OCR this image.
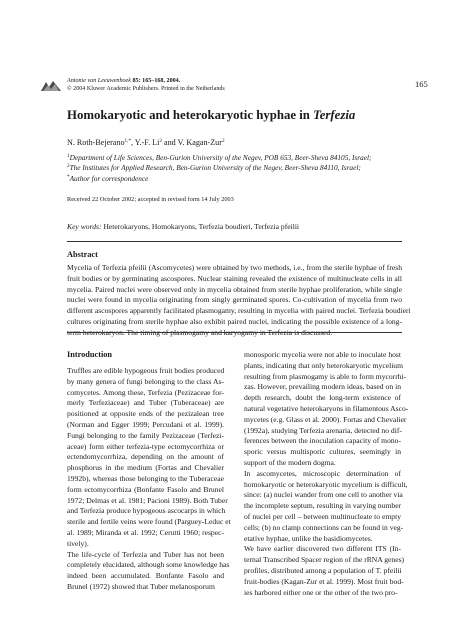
Antonie van Leeuwenhoek 85: 165–168, 2004.
© 2004 Kluwer Academic Publishers. Printed in the Netherlands	165
Homokaryotic and heterokaryotic hyphae in Terfezia
N. Roth-Bejerano$^{1,*}$, Y.-F. Li$^2$ and V. Kagan-Zur$^2$

$^1$Department of Life Sciences, Ben-Gurion University of the Negev, POB 653, Beer-Sheva 84105, Israel;

$^2$The Institutes for Applied Research, Ben-Gurion University of the Negev, Beer-Sheva 84110, Israel;

*Author for correspondence

Received 22 October 2002; accepted in revised form 14 July 2003
Key words: Heterokaryons, Homokaryons, Terfezia boudieri, Terfezia pfeilii
Abstract
Mycelia of Terfezia pfeilii (Ascomycetes) were obtained by two methods, i.e., from the sterile hyphae of fresh
fruit bodies or by germinating ascospores. Nuclear staining revealed the existence of multinucleate cells in all
mycelia. Paired nuclei were observed only in mycelia obtained from sterile hyphae proliferation, while single
nuclei were found in mycelia originating from singly germinated spores. Co-cultivation of mycelia from two
different ascospores apparently facilitated plasmogamy, resulting in mycelia with paired nuclei. Terfezia boudieri
cultures originating from sterile hyphae also exhibit paired nuclei, indicating the possible existence of a long-
term heterokaryon. The timing of plasmogamy and karyogamy in Terfezia is discussed.
Introduction
Truffles are edible hypogeous fruit bodies produced
by many genera of fungi belonging to the class As-
comycetes. Among these, Terfezia (Pezizaceae for-
merly Terfeziaceae) and Tuber (Tuberaceae) are
positioned at opposite ends of the pezizalean tree
(Norman and Egger 1999; Percudani et al. 1999).
Fungi belonging to the family Pezizaceae (Terfezi-
aceae) form either terfezia-type ectomycorrhiza or
ectendomycorrhiza, depending on the amount of
phosphorus in the medium (Fortas and Chevalier
1992b), whereas those belonging to the Tuberaceae
form ectomycorrhiza (Bonfante Fasolo and Brunel
1972; Delmas et al. 1981; Pacioni 1989). Both Tuber
and Terfezia produce hypogeous ascocarps in which
sterile and fertile veins were found (Parguey-Leduc et
al. 1989; Miranda et al. 1992; Cerutti 1960; respec-
tively).
The life-cycle of Terfezia and Tuber has not been
completely elucidated, although some knowledge has
indeed been accumulated. Bonfante Fasolo and
Brunel (1972) showed that Tuber melanosporum
monosporic mycelia were not able to inoculate host
plants, indicating that only heterokaryotic mycelium
resulting from plasmogamy is able to form mycorrhi-
zas. However, prevailing modern ideas, based on in
depth research, doubt the long-term existence of
natural vegetative heterokaryons in filamentous Asco-
mycetes (e.g. Glass et al. 2000). Fortas and Chevalier
(1992a), studying Terfezia arenaria, detected no dif-
ferences between the inoculation capacity of mono-
sporic versus multisporic cultures, seemingly in
support of the modern dogma.
In ascomycetes, microscopic determination of
homokaryotic or heterokaryotic mycelium is difficult,
since: (a) nuclei wander from one cell to another via
the incomplete septum, resulting in varying number
of nuclei per cell – between multinucleate to empty
cells; (b) no clamp connections can be found in veg-
etative hyphae, unlike the basidiomycetes.
We have earlier discovered two different ITS (In-
ternal Transcribed Spacer region of the rRNA genes)
profiles, distributed among a population of T. pfeilii
fruit-bodies (Kagan-Zur et al. 1999). Most fruit bod-
ies harbored either one or the other of the two pro-
